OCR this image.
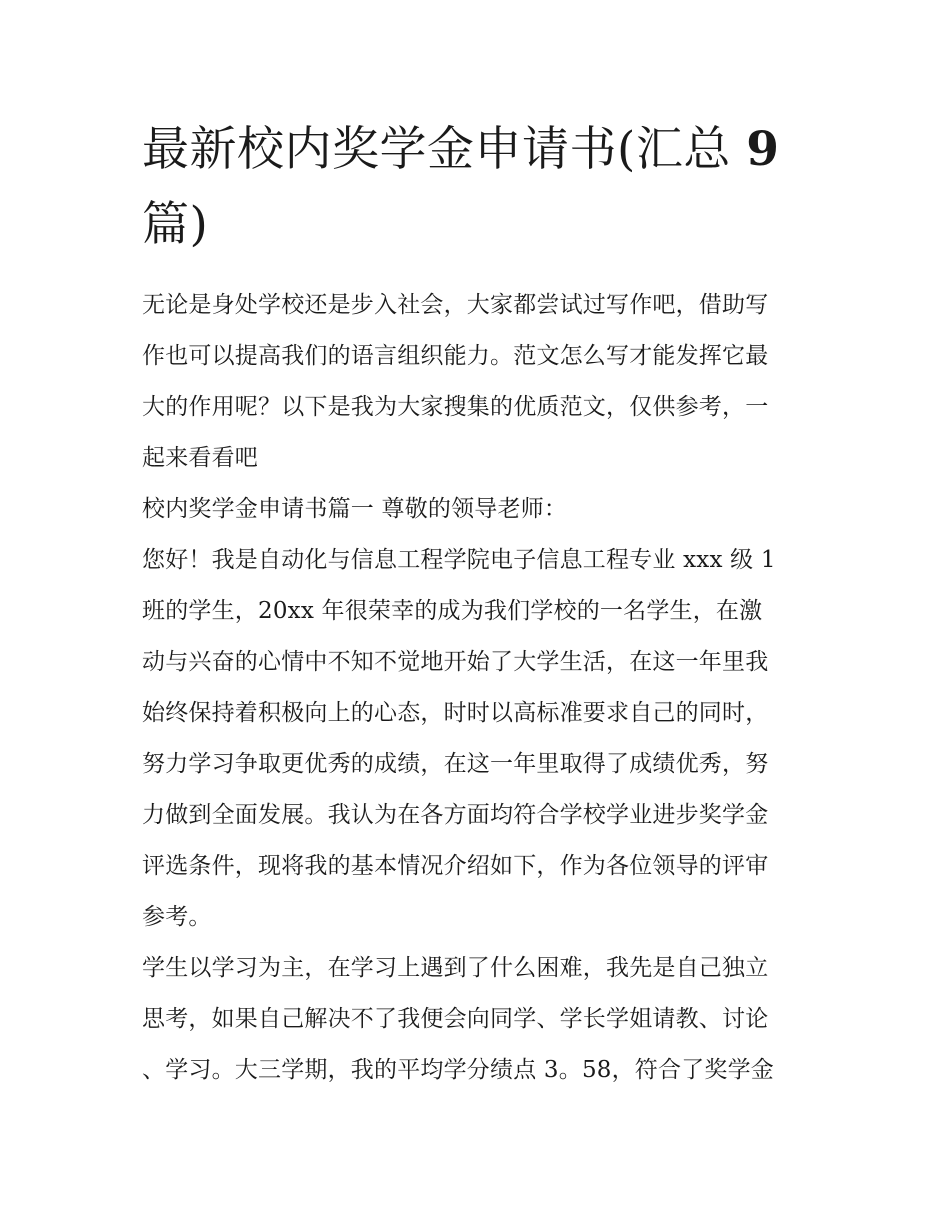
最新校内奖学金申请书(汇总 9
篇)
无论是身处学校还是步入社会，大家都尝试过写作吧，借助写
作也可以提高我们的语言组织能力。范文怎么写才能发挥它最
大的作用呢？以下是我为大家搜集的优质范文，仅供参考，一
起来看看吧
校内奖学金申请书篇一 尊敬的领导老师：
您好！我是自动化与信息工程学院电子信息工程专业 xxx 级 1
班的学生，20xx 年很荣幸的成为我们学校的一名学生，在激
动与兴奋的心情中不知不觉地开始了大学生活，在这一年里我
始终保持着积极向上的心态，时时以高标准要求自己的同时，
努力学习争取更优秀的成绩，在这一年里取得了成绩优秀，努
力做到全面发展。我认为在各方面均符合学校学业进步奖学金
评选条件，现将我的基本情况介绍如下，作为各位领导的评审
参考。
学生以学习为主，在学习上遇到了什么困难，我先是自己独立
思考，如果自己解决不了我便会向同学、学长学姐请教、讨论
、学习。大三学期，我的平均学分绩点 3。58，符合了奖学金
